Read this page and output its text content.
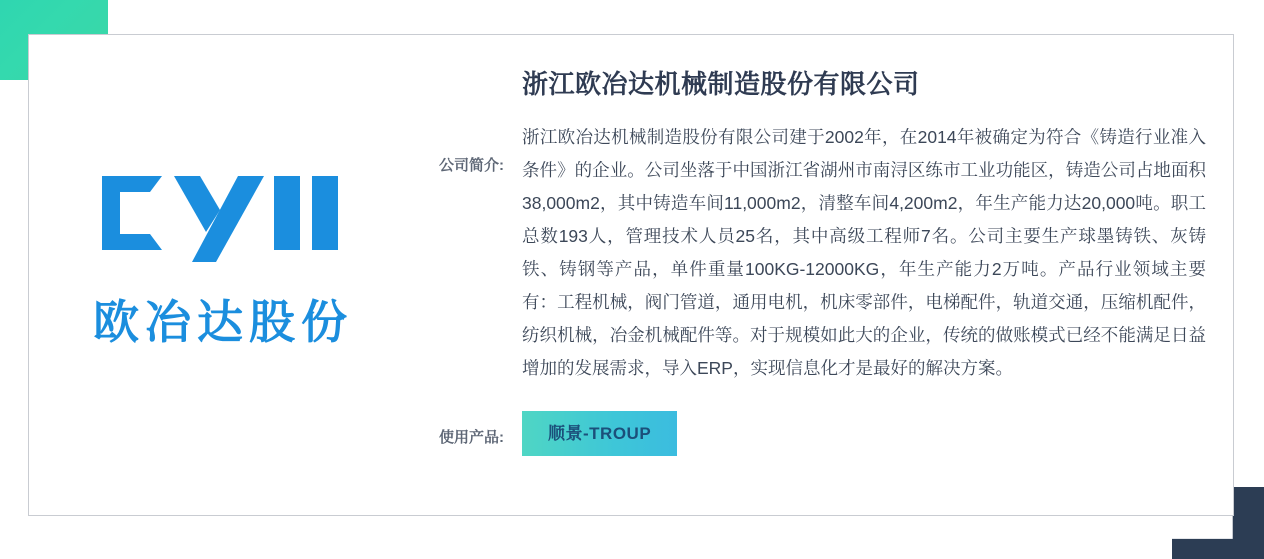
欧冶达股份
浙江欧冶达机械制造股份有限公司
公司简介:

浙江欧冶达机械制造股份有限公司建于2002年，在2014年被确定为符合《铸造行业准入条件》的企业。公司坐落于中国浙江省湖州市南浔区练市工业功能区，铸造公司占地面积38,000m2，其中铸造车间11,000m2，清整车间4,200m2，年生产能力达20,000吨。职工总数193人，管理技术人员25名，其中高级工程师7名。公司主要生产球墨铸铁、灰铸铁、铸钢等产品，单件重量100KG-12000KG，年生产能力2万吨。产品行业领域主要有：工程机械，阀门管道，通用电机，机床零部件，电梯配件，轨道交通，压缩机配件，纺织机械，冶金机械配件等。对于规模如此大的企业，传统的做账模式已经不能满足日益增加的发展需求，导入ERP，实现信息化才是最好的解决方案。

使用产品:	顺景-TROUP
